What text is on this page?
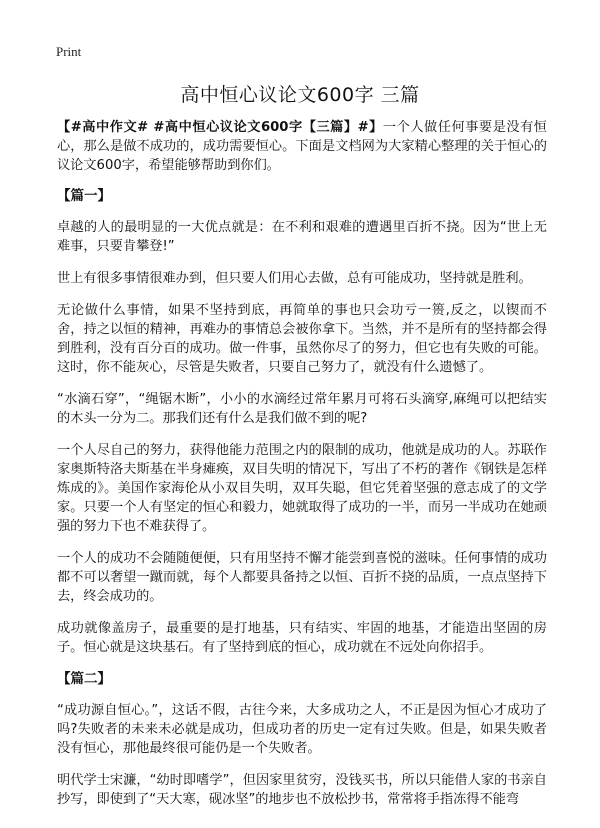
Print
高中恒心议论文600字 三篇

【#高中作文# #高中恒心议论文600字【三篇】#】一个人做任何事要是没有恒心，那么是做不成功的，成功需要恒心。下面是文档网为大家精心整理的关于恒心的议论文600字，希望能够帮助到你们。

【篇一】

卓越的人的最明显的一大优点就是：在不利和艰难的遭遇里百折不挠。因为“世上无难事，只要肯攀登!”

世上有很多事情很难办到，但只要人们用心去做，总有可能成功，坚持就是胜利。

无论做什么事情，如果不坚持到底，再简单的事也只会功亏一篑,反之，以锲而不舍，持之以恒的精神，再难办的事情总会被你拿下。当然，并不是所有的坚持都会得到胜利，没有百分百的成功。做一件事，虽然你尽了的努力，但它也有失败的可能。这时，你不能灰心，尽管是失败者，只要自己努力了，就没有什么遗憾了。

“水滴石穿”，“绳锯木断”，小小的水滴经过常年累月可将石头滴穿,麻绳可以把结实的木头一分为二。那我们还有什么是我们做不到的呢?

一个人尽自己的努力，获得他能力范围之内的限制的成功，他就是成功的人。苏联作家奥斯特洛夫斯基在半身瘫痪，双目失明的情况下，写出了不朽的著作《钢铁是怎样炼成的》。美国作家海伦从小双目失明，双耳失聪，但它凭着坚强的意志成了的文学家。只要一个人有坚定的恒心和毅力，她就取得了成功的一半，而另一半成功在她顽强的努力下也不难获得了。

一个人的成功不会随随便便，只有用坚持不懈才能尝到喜悦的滋味。任何事情的成功都不可以奢望一蹴而就，每个人都要具备持之以恒、百折不挠的品质，一点点坚持下去，终会成功的。

成功就像盖房子，最重要的是打地基，只有结实、牢固的地基，才能造出坚固的房子。恒心就是这块基石。有了坚持到底的恒心，成功就在不远处向你招手。

【篇二】

“成功源自恒心。”，这话不假，古往今来，大多成功之人，不正是因为恒心才成功了吗?失败者的未来未必就是成功，但成功者的历史一定有过失败。但是，如果失败者没有恒心，那他最终很可能仍是一个失败者。

明代学士宋濂，“幼时即嗜学”，但因家里贫穷，没钱买书，所以只能借人家的书亲自抄写，即使到了“天大寒，砚冰坚”的地步也不放松抄书，常常将手指冻得不能弯
